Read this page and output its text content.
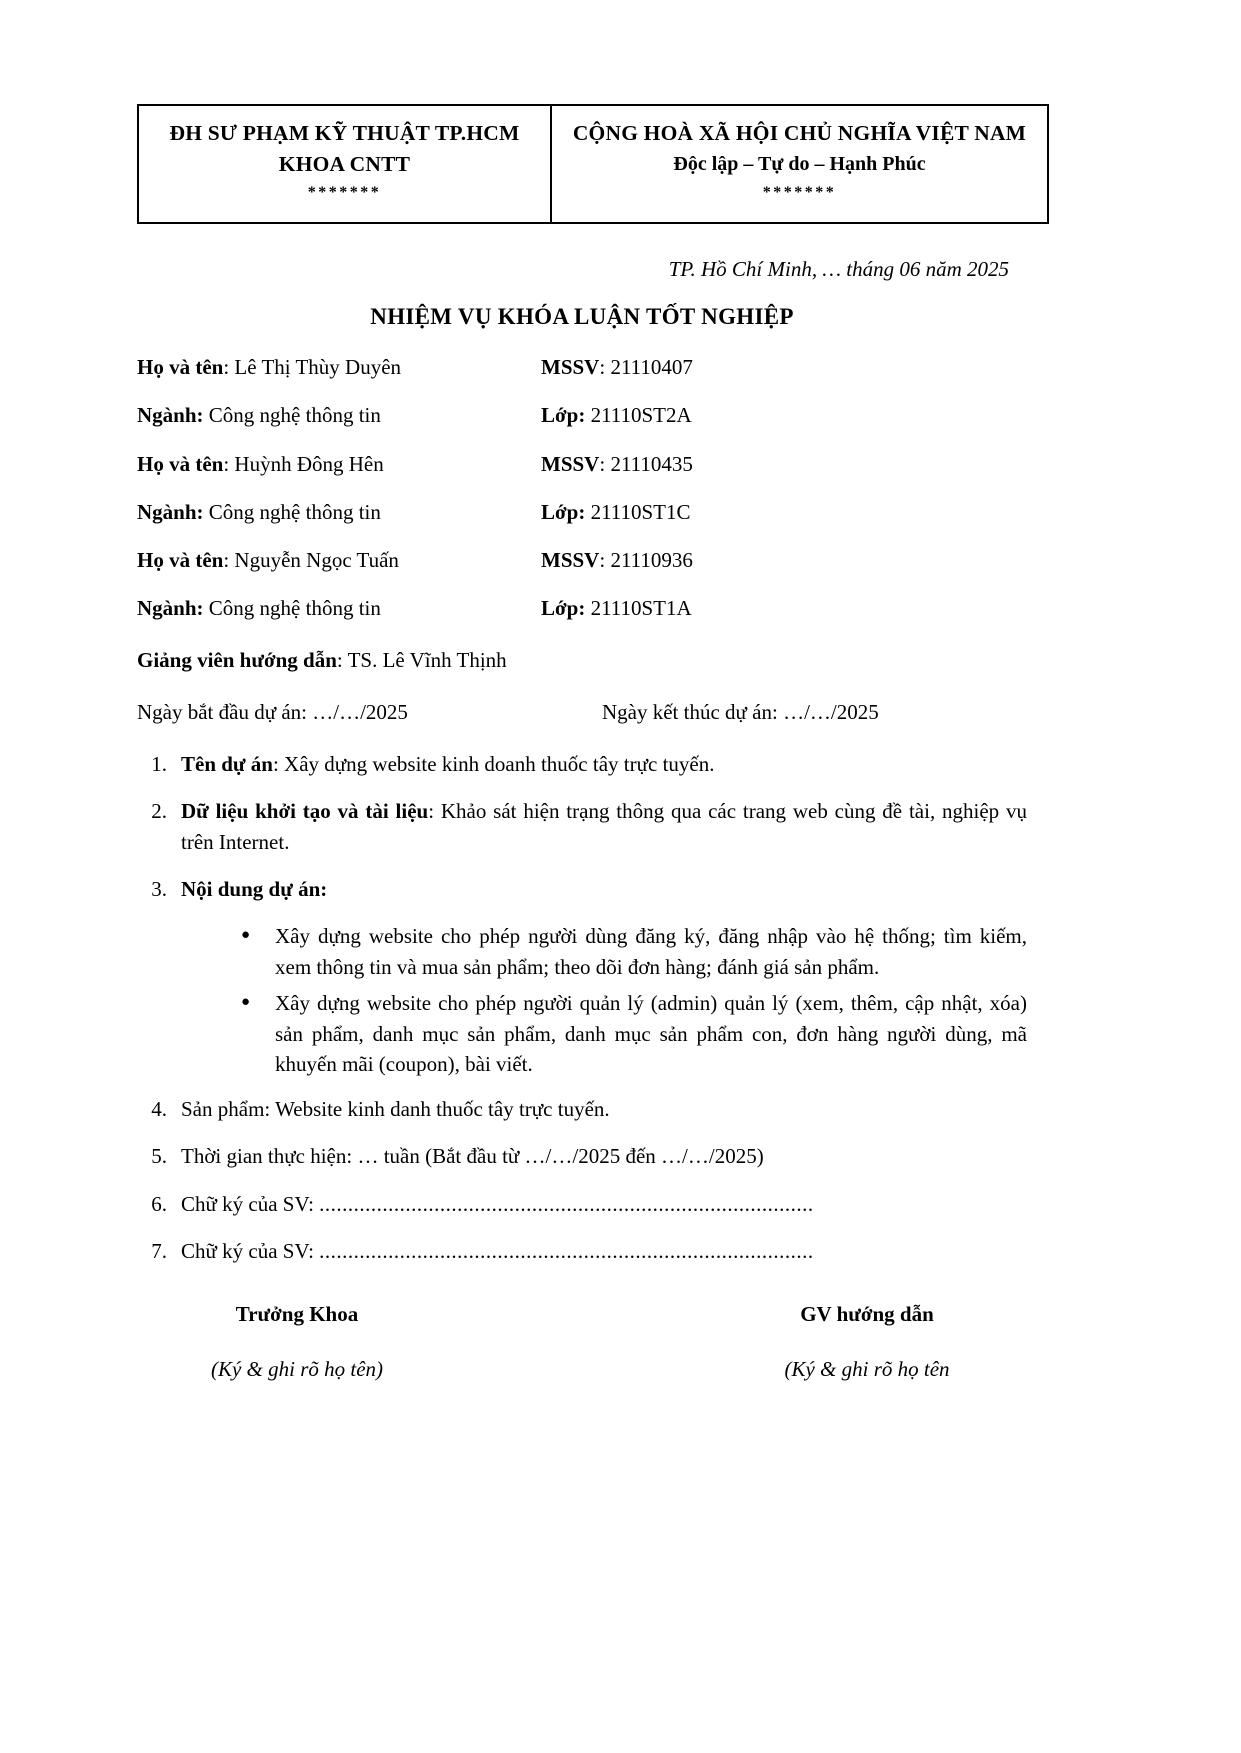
ĐH SƯ PHẠM KỸ THUẬT TP.HCM
KHOA CNTT
*******

CỘNG HOÀ XÃ HỘI CHỦ NGHĨA VIỆT NAM
Độc lập – Tự do – Hạnh Phúc
*******
TP. Hồ Chí Minh, … tháng 06 năm 2025
NHIỆM VỤ KHÓA LUẬN TỐT NGHIỆP
Họ và tên: Lê Thị Thùy Duyên	MSSV: 21110407
Ngành: Công nghệ thông tin	Lớp: 21110ST2A
Họ và tên: Huỳnh Đông Hên	MSSV: 21110435
Ngành: Công nghệ thông tin	Lớp: 21110ST1C
Họ và tên: Nguyễn Ngọc Tuấn	MSSV: 21110936
Ngành: Công nghệ thông tin	Lớp: 21110ST1A
Giảng viên hướng dẫn: TS. Lê Vĩnh Thịnh
Ngày bắt đầu dự án: …/…/2025	Ngày kết thúc dự án: …/…/2025
1. Tên dự án: Xây dựng website kinh doanh thuốc tây trực tuyến.
2. Dữ liệu khởi tạo và tài liệu: Khảo sát hiện trạng thông qua các trang web cùng đề tài, nghiệp vụ trên Internet.
3. Nội dung dự án:
●	Xây dựng website cho phép người dùng đăng ký, đăng nhập vào hệ thống; tìm kiếm, xem thông tin và mua sản phẩm; theo dõi đơn hàng; đánh giá sản phẩm.
●	Xây dựng website cho phép người quản lý (admin) quản lý (xem, thêm, cập nhật, xóa) sản phẩm, danh mục sản phẩm, danh mục sản phẩm con, đơn hàng người dùng, mã khuyến mãi (coupon), bài viết.
4. Sản phẩm: Website kinh danh thuốc tây trực tuyến.
5. Thời gian thực hiện: … tuần (Bắt đầu từ …/…/2025 đến …/…/2025)
6. Chữ ký của SV: ......................................................................................
7. Chữ ký của SV: ......................................................................................
Trưởng Khoa
(Ký & ghi rõ họ tên)
GV hướng dẫn
(Ký & ghi rõ họ tên
